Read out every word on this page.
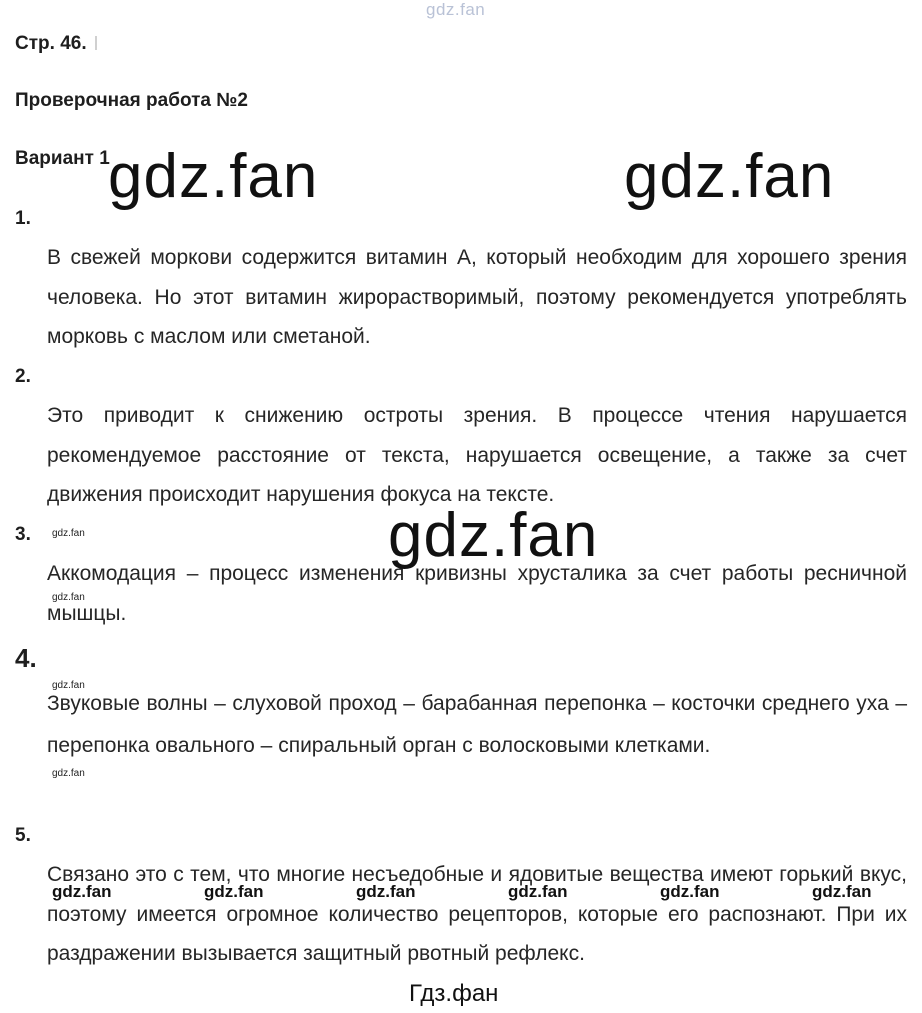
gdz.fan
Стр. 46.
Проверочная работа №2
Вариант 1
1.
В свежей моркови содержится витамин А, который необходим для хорошего зрения человека. Но этот витамин жирорастворимый, поэтому рекомендуется употреблять морковь с маслом или сметаной.
2.
Это приводит к снижению остроты зрения. В процессе чтения нарушается рекомендуемое расстояние от текста, нарушается освещение, а также за счет движения происходит нарушения фокуса на тексте.
3.
Аккомодация – процесс изменения кривизны хрусталика за счет работы ресничной мышцы.
4.
Звуковые волны – слуховой проход – барабанная перепонка – косточки среднего уха – перепонка овального – спиральный орган с волосковыми клетками.
5.
Связано это с тем, что многие несъедобные и ядовитые вещества имеют горький вкус, поэтому имеется огромное количество рецепторов, которые его распознают. При их раздражении вызывается защитный рвотный рефлекс.
gdz.fan	gdz.fan
gdz.fan
gdz.fan
gdz.fan
gdz.fan
gdz.fan
gdz.fan	gdz.fan	gdz.fan	gdz.fan	gdz.fan	gdz.fan
Гдз.фан
